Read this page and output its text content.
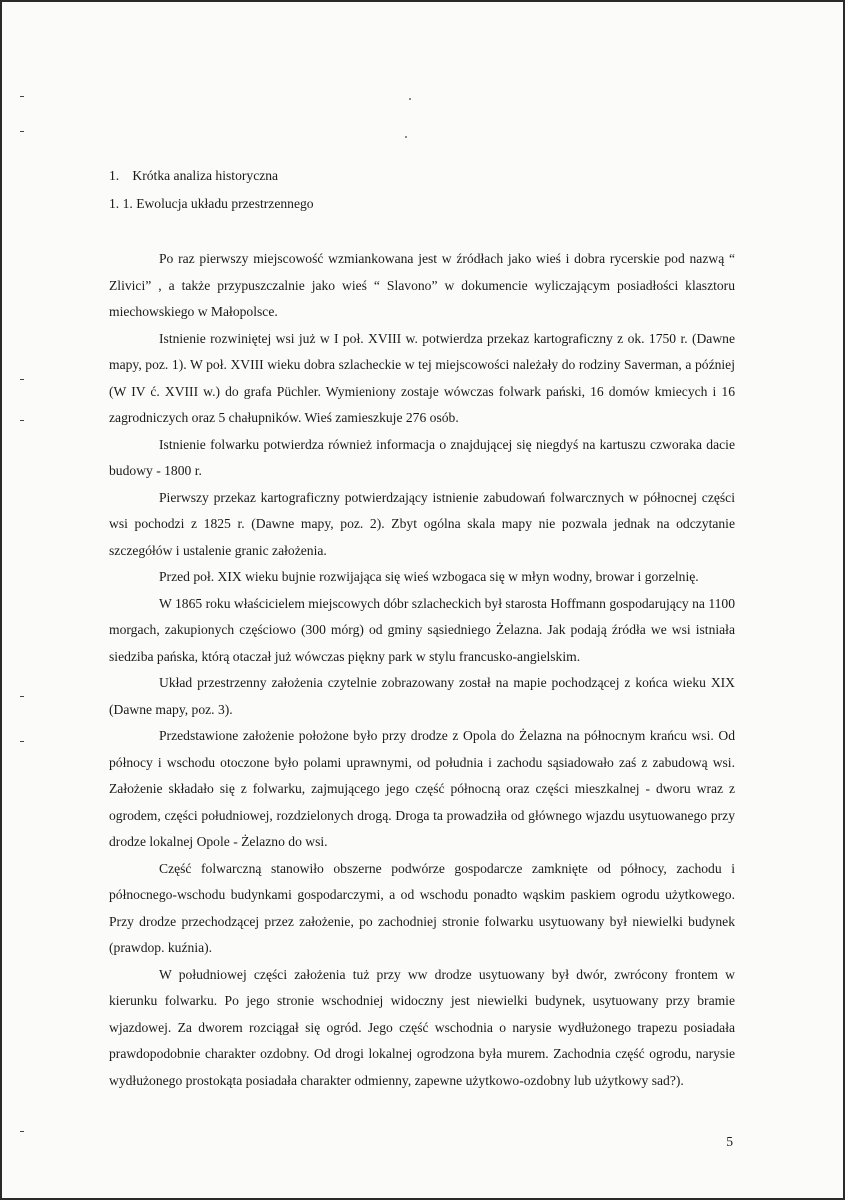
1. Krótka analiza historyczna
1. 1. Ewolucja układu przestrzennego

Po raz pierwszy miejscowość wzmiankowana jest w źródłach jako wieś i dobra rycerskie pod nazwą “ Zlivici” , a także przypuszczalnie jako wieś “ Slavono” w dokumencie wyliczającym posiadłości klasztoru miechowskiego w Małopolsce.

Istnienie rozwiniętej wsi już w I poł. XVIII w. potwierdza przekaz kartograficzny z ok. 1750 r. (Dawne mapy, poz. 1). W poł. XVIII wieku dobra szlacheckie w tej miejscowości należały do rodziny Saverman, a później (W IV ć. XVIII w.) do grafa Püchler. Wymieniony zostaje wówczas folwark pański, 16 domów kmiecych i 16 zagrodniczych oraz 5 chałupników. Wieś zamieszkuje 276 osób.

Istnienie folwarku potwierdza również informacja o znajdującej się niegdyś na kartuszu czworaka dacie budowy - 1800 r.

Pierwszy przekaz kartograficzny potwierdzający istnienie zabudowań folwarcznych w północnej części wsi pochodzi z 1825 r. (Dawne mapy, poz. 2). Zbyt ogólna skala mapy nie pozwala jednak na odczytanie szczegółów i ustalenie granic założenia.

Przed poł. XIX wieku bujnie rozwijająca się wieś wzbogaca się w młyn wodny, browar i gorzelnię.

W 1865 roku właścicielem miejscowych dóbr szlacheckich był starosta Hoffmann gospodarujący na 1100 morgach, zakupionych częściowo (300 mórg) od gminy sąsiedniego Żelazna. Jak podają źródła we wsi istniała siedziba pańska, którą otaczał już wówczas piękny park w stylu francusko-angielskim.

Układ przestrzenny założenia czytelnie zobrazowany został na mapie pochodzącej z końca wieku XIX (Dawne mapy, poz. 3).

Przedstawione założenie położone było przy drodze z Opola do Żelazna na północnym krańcu wsi. Od północy i wschodu otoczone było polami uprawnymi, od południa i zachodu sąsiadowało zaś z zabudową wsi. Założenie składało się z folwarku, zajmującego jego część północną oraz części mieszkalnej - dworu wraz z ogrodem, części południowej, rozdzielonych drogą. Droga ta prowadziła od głównego wjazdu usytuowanego przy drodze lokalnej Opole - Żelazno do wsi.

Część folwarczną stanowiło obszerne podwórze gospodarcze zamknięte od północy, zachodu i północnego-wschodu budynkami gospodarczymi, a od wschodu ponadto wąskim paskiem ogrodu użytkowego. Przy drodze przechodzącej przez założenie, po zachodniej stronie folwarku usytuowany był niewielki budynek (prawdop. kuźnia).

W południowej części założenia tuż przy ww drodze usytuowany był dwór, zwrócony frontem w kierunku folwarku. Po jego stronie wschodniej widoczny jest niewielki budynek, usytuowany przy bramie wjazdowej. Za dworem rozciągał się ogród. Jego część wschodnia o narysie wydłużonego trapezu posiadała prawdopodobnie charakter ozdobny. Od drogi lokalnej ogrodzona była murem. Zachodnia część ogrodu, narysie wydłużonego prostokąta posiadała charakter odmienny, zapewne użytkowo-ozdobny lub użytkowy sad?).

5
